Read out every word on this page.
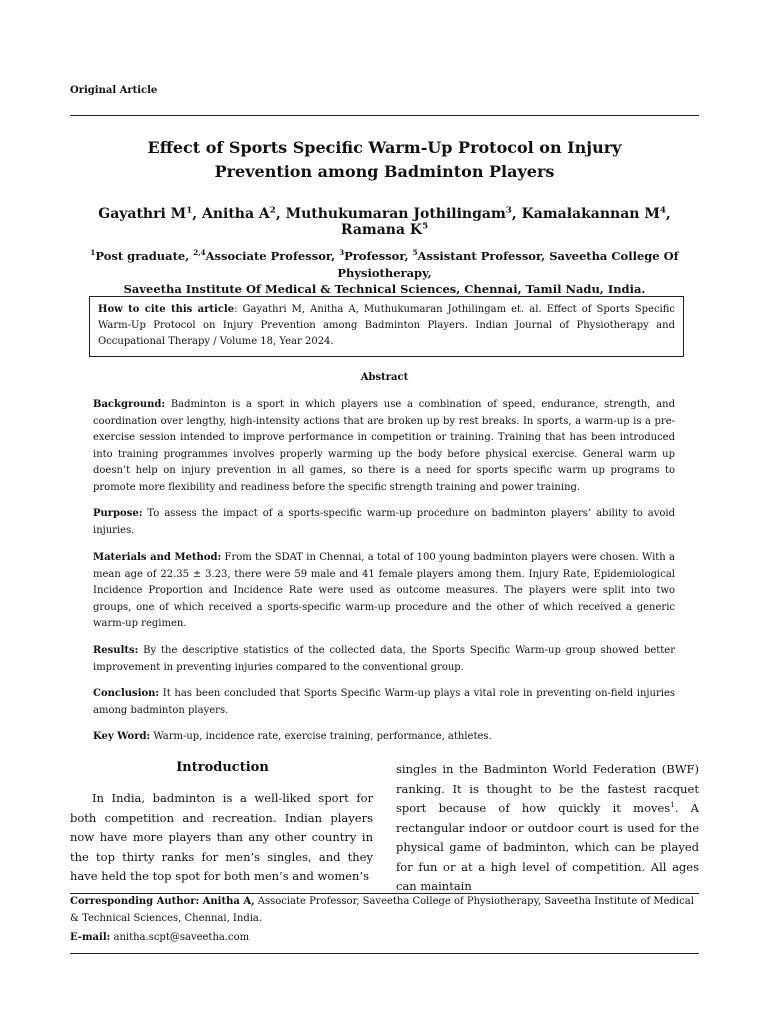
Original Article
Effect of Sports Specific Warm-Up Protocol on Injury
Prevention among Badminton Players
Gayathri $M^1$, Anitha $A^2$, Muthukumaran Jothilingam$^3$, Kamalakannan $M^4$, Ramana $K^5$
$^1$Post graduate, $^{2,4}$Associate Professor, $^3$Professor, $^5$Assistant Professor, Saveetha College Of Physiotherapy,
Saveetha Institute Of Medical & Technical Sciences, Chennai, Tamil Nadu, India.
How to cite this article: Gayathri M, Anitha A, Muthukumaran Jothilingam et. al. Effect of Sports Specific Warm-Up Protocol on Injury Prevention among Badminton Players. Indian Journal of Physiotherapy and Occupational Therapy / Volume 18, Year 2024.
Abstract
Background: Badminton is a sport in which players use a combination of speed, endurance, strength, and coordination over lengthy, high-intensity actions that are broken up by rest breaks. In sports, a warm-up is a pre-exercise session intended to improve performance in competition or training. Training that has been introduced into training programmes involves properly warming up the body before physical exercise. General warm up doesn’t help on injury prevention in all games, so there is a need for sports specific warm up programs to promote more flexibility and readiness before the specific strength training and power training.
Purpose: To assess the impact of a sports-specific warm-up procedure on badminton players’ ability to avoid injuries.
Materials and Method: From the SDAT in Chennai, a total of 100 young badminton players were chosen. With a mean age of 22.35 ± 3.23, there were 59 male and 41 female players among them. Injury Rate, Epidemiological Incidence Proportion and Incidence Rate were used as outcome measures. The players were split into two groups, one of which received a sports-specific warm-up procedure and the other of which received a generic warm-up regimen.
Results: By the descriptive statistics of the collected data, the Sports Specific Warm-up group showed better improvement in preventing injuries compared to the conventional group.
Conclusion: It has been concluded that Sports Specific Warm-up plays a vital role in preventing on-field injuries among badminton players.
Key Word: Warm-up, incidence rate, exercise training, performance, athletes.
Introduction
In India, badminton is a well-liked sport for both competition and recreation. Indian players now have more players than any other country in the top thirty ranks for men’s singles, and they have held the top spot for both men’s and women’s
singles in the Badminton World Federation (BWF) ranking. It is thought to be the fastest racquet sport because of how quickly it moves$^1$. A rectangular indoor or outdoor court is used for the physical game of badminton, which can be played for fun or at a high level of competition. All ages can maintain
Corresponding Author: Anitha A, Associate Professor, Saveetha College of Physiotherapy, Saveetha Institute of Medical & Technical Sciences, Chennai, India.
E-mail: anitha.scpt@saveetha.com
